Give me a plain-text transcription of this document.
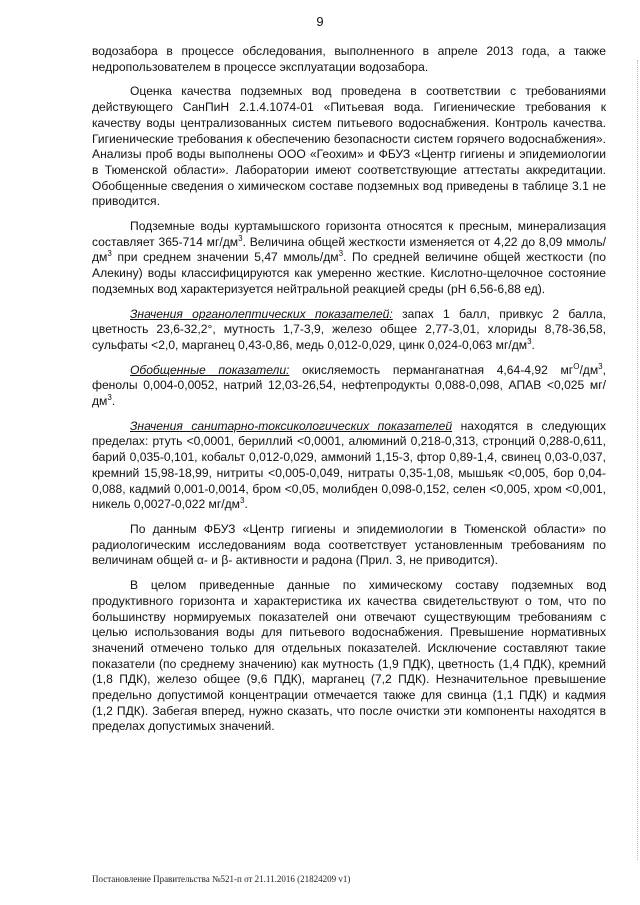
9

водозабора в процессе обследования, выполненного в апреле 2013 года, а также недропользователем в процессе эксплуатации водозабора.

Оценка качества подземных вод проведена в соответствии с требованиями действующего СанПиН 2.1.4.1074-01 «Питьевая вода. Гигиенические требования к качеству воды централизованных систем питьевого водоснабжения. Контроль качества. Гигиенические требования к обеспечению безопасности систем горячего водоснабжения». Анализы проб воды выполнены ООО «Геохим» и ФБУЗ «Центр гигиены и эпидемиологии в Тюменской области». Лаборатории имеют соответствующие аттестаты аккредитации. Обобщенные сведения о химическом составе подземных вод приведены в таблице 3.1 не приводится.

Подземные воды куртамышского горизонта относятся к пресным, минерализация составляет 365-714 $мг/дм^3$. Величина общей жесткости изменяется от 4,22 до 8,09 ммоль/$дм^3$ при среднем значении 5,47 ммоль/$дм^3$. По средней величине общей жесткости (по Алекину) воды классифицируются как умеренно жесткие. Кислотно-щелочное состояние подземных вод характеризуется нейтральной реакцией среды (pH 6,56-6,88 ед).

Значения органолептических показателей: запах 1 балл, привкус 2 балла, цветность 23,6-32,2°, мутность 1,7-3,9, железо общее 2,77-3,01, хлориды 8,78-36,58, сульфаты <2,0, марганец 0,43-0,86, медь 0,012-0,029, цинк 0,024-0,063 $мг/дм^3$.

Обобщенные показатели: окисляемость перманганатная 4,64-4,92 $мг^O/дм^3$, фенолы 0,004-0,0052, натрий 12,03-26,54, нефтепродукты 0,088-0,098, АПАВ <0,025 $мг/дм^3$.

Значения санитарно-токсикологических показателей находятся в следующих пределах: ртуть <0,0001, бериллий <0,0001, алюминий 0,218-0,313, стронций 0,288-0,611, барий 0,035-0,101, кобальт 0,012-0,029, аммоний 1,15-3, фтор 0,89-1,4, свинец 0,03-0,037, кремний 15,98-18,99, нитриты <0,005-0,049, нитраты 0,35-1,08, мышьяк <0,005, бор 0,04-0,088, кадмий 0,001-0,0014, бром <0,05, молибден 0,098-0,152, селен <0,005, хром <0,001, никель 0,0027-0,022 $мг/дм^3$.

По данным ФБУЗ «Центр гигиены и эпидемиологии в Тюменской области» по радиологическим исследованиям вода соответствует установленным требованиям по величинам общей α- и β- активности и радона (Прил. 3, не приводится).

В целом приведенные данные по химическому составу подземных вод продуктивного горизонта и характеристика их качества свидетельствуют о том, что по большинству нормируемых показателей они отвечают существующим требованиям с целью использования воды для питьевого водоснабжения. Превышение нормативных значений отмечено только для отдельных показателей. Исключение составляют такие показатели (по среднему значению) как мутность (1,9 ПДК), цветность (1,4 ПДК), кремний (1,8 ПДК), железо общее (9,6 ПДК), марганец (7,2 ПДК). Незначительное превышение предельно допустимой концентрации отмечается также для свинца (1,1 ПДК) и кадмия (1,2 ПДК). Забегая вперед, нужно сказать, что после очистки эти компоненты находятся в пределах допустимых значений.

Постановление Правительства №521-п от 21.11.2016 (21824209 v1)
